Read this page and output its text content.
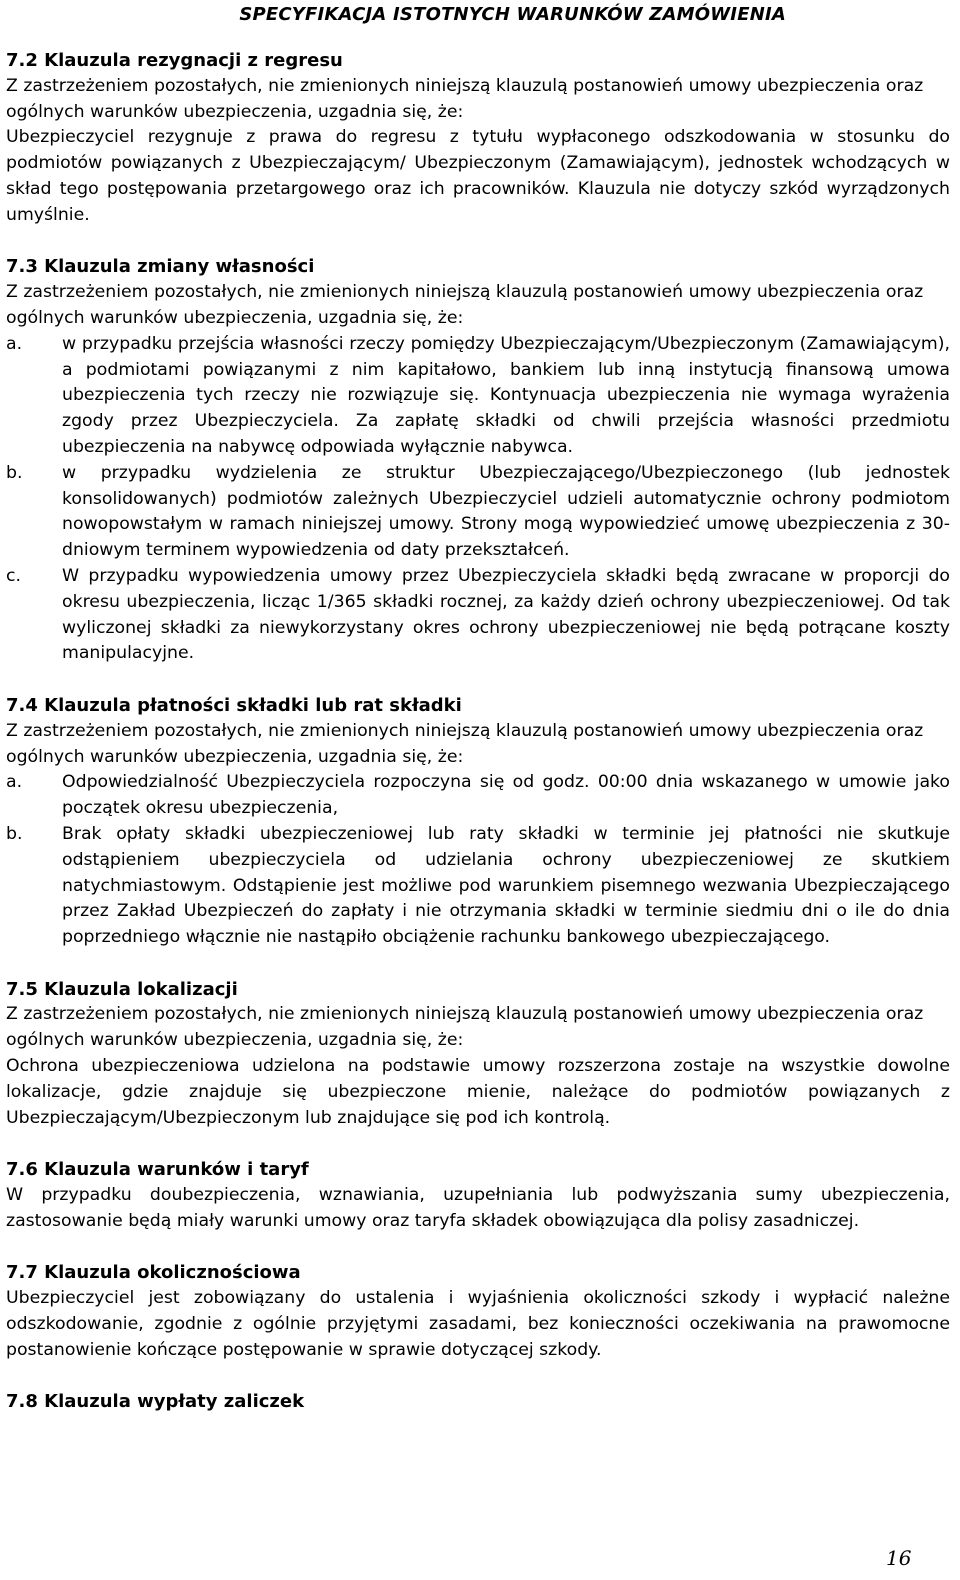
SPECYFIKACJA ISTOTNYCH WARUNKÓW ZAMÓWIENIA
7.2 Klauzula rezygnacji z regresu

Z zastrzeżeniem pozostałych, nie zmienionych niniejszą klauzulą postanowień umowy ubezpieczenia oraz ogólnych warunków ubezpieczenia, uzgadnia się, że:

Ubezpieczyciel rezygnuje z prawa do regresu z tytułu wypłaconego odszkodowania w stosunku do podmiotów powiązanych z Ubezpieczającym/ Ubezpieczonym (Zamawiającym), jednostek wchodzących w skład tego postępowania przetargowego oraz ich pracowników. Klauzula nie dotyczy szkód wyrządzonych umyślnie.

7.3 Klauzula zmiany własności

Z zastrzeżeniem pozostałych, nie zmienionych niniejszą klauzulą postanowień umowy ubezpieczenia oraz ogólnych warunków ubezpieczenia, uzgadnia się, że:

a.	w przypadku przejścia własności rzeczy pomiędzy Ubezpieczającym/Ubezpieczonym (Zamawiającym), a podmiotami powiązanymi z nim kapitałowo, bankiem lub inną instytucją finansową umowa ubezpieczenia tych rzeczy nie rozwiązuje się. Kontynuacja ubezpieczenia nie wymaga wyrażenia zgody przez Ubezpieczyciela. Za zapłatę składki od chwili przejścia własności przedmiotu ubezpieczenia na nabywcę odpowiada wyłącznie nabywca.
b.	w przypadku wydzielenia ze struktur Ubezpieczającego/Ubezpieczonego (lub jednostek konsolidowanych) podmiotów zależnych Ubezpieczyciel udzieli automatycznie ochrony podmiotom nowopowstałym w ramach niniejszej umowy. Strony mogą wypowiedzieć umowę ubezpieczenia z 30-dniowym terminem wypowiedzenia od daty przekształceń.
c.	W przypadku wypowiedzenia umowy przez Ubezpieczyciela składki będą zwracane w proporcji do okresu ubezpieczenia, licząc 1/365 składki rocznej, za każdy dzień ochrony ubezpieczeniowej. Od tak wyliczonej składki za niewykorzystany okres ochrony ubezpieczeniowej nie będą potrącane koszty manipulacyjne.
7.4 Klauzula płatności składki lub rat składki

Z zastrzeżeniem pozostałych, nie zmienionych niniejszą klauzulą postanowień umowy ubezpieczenia oraz ogólnych warunków ubezpieczenia, uzgadnia się, że:

a.	Odpowiedzialność Ubezpieczyciela rozpoczyna się od godz. 00:00 dnia wskazanego w umowie jako początek okresu ubezpieczenia,
b.	Brak opłaty składki ubezpieczeniowej lub raty składki w terminie jej płatności nie skutkuje odstąpieniem ubezpieczyciela od udzielania ochrony ubezpieczeniowej ze skutkiem natychmiastowym. Odstąpienie jest możliwe pod warunkiem pisemnego wezwania Ubezpieczającego przez Zakład Ubezpieczeń do zapłaty i nie otrzymania składki w terminie siedmiu dni o ile do dnia poprzedniego włącznie nie nastąpiło obciążenie rachunku bankowego ubezpieczającego.
7.5 Klauzula lokalizacji

Z zastrzeżeniem pozostałych, nie zmienionych niniejszą klauzulą postanowień umowy ubezpieczenia oraz ogólnych warunków ubezpieczenia, uzgadnia się, że:

Ochrona ubezpieczeniowa udzielona na podstawie umowy rozszerzona zostaje na wszystkie dowolne lokalizacje, gdzie znajduje się ubezpieczone mienie, należące do podmiotów powiązanych z Ubezpieczającym/Ubezpieczonym lub znajdujące się pod ich kontrolą.

7.6 Klauzula warunków i taryf

W przypadku doubezpieczenia, wznawiania, uzupełniania lub podwyższania sumy ubezpieczenia, zastosowanie będą miały warunki umowy oraz taryfa składek obowiązująca dla polisy zasadniczej.

7.7 Klauzula okolicznościowa

Ubezpieczyciel jest zobowiązany do ustalenia i wyjaśnienia okoliczności szkody i wypłacić należne odszkodowanie, zgodnie z ogólnie przyjętymi zasadami, bez konieczności oczekiwania na prawomocne postanowienie kończące postępowanie w sprawie dotyczącej szkody.

7.8 Klauzula wypłaty zaliczek
16
